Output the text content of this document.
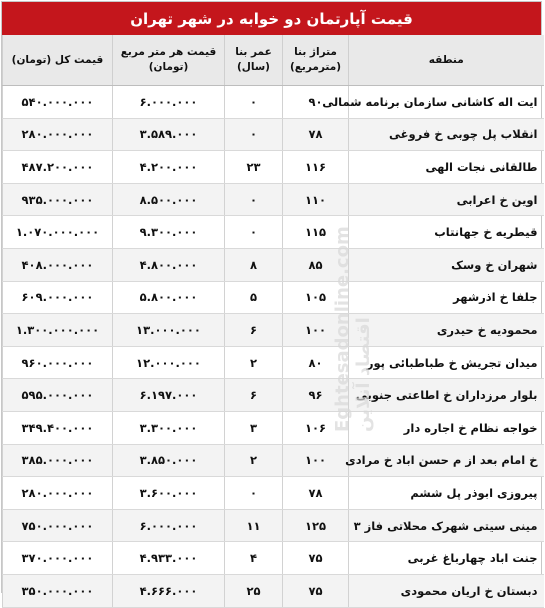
قیمت آپارتمان دو خوابه در شهر تهران
منطقه	متراژ بنا (مترمربع)	عمر بنا (سال)	قیمت هر متر مربع (تومان)	قیمت کل (تومان)
ایت اله کاشانی سازمان برنامه شمالی	۹۰	۰	۶.۰۰۰.۰۰۰	۵۴۰.۰۰۰.۰۰۰
انقلاب پل چوبی خ فروغی	۷۸	۰	۳.۵۸۹.۰۰۰	۲۸۰.۰۰۰.۰۰۰
طالقانی نجات الهی	۱۱۶	۲۳	۴.۲۰۰.۰۰۰	۴۸۷.۲۰۰.۰۰۰
اوین خ اعرابی	۱۱۰	۰	۸.۵۰۰.۰۰۰	۹۳۵.۰۰۰.۰۰۰
قیطریه خ جهانتاب	۱۱۵	۰	۹.۳۰۰.۰۰۰	۱.۰۷۰.۰۰۰.۰۰۰
شهران خ وسک	۸۵	۸	۴.۸۰۰.۰۰۰	۴۰۸.۰۰۰.۰۰۰
جلفا خ اذرشهر	۱۰۵	۵	۵.۸۰۰.۰۰۰	۶۰۹.۰۰۰.۰۰۰
محمودیه خ حیدری	۱۰۰	۶	۱۳.۰۰۰.۰۰۰	۱.۳۰۰.۰۰۰.۰۰۰
میدان تجریش خ طباطبائی پور	۸۰	۲	۱۲.۰۰۰.۰۰۰	۹۶۰.۰۰۰.۰۰۰
بلوار مرزداران خ اطاعتی جنوبی	۹۶	۶	۶.۱۹۷.۰۰۰	۵۹۵.۰۰۰.۰۰۰
خواجه نظام خ اجاره دار	۱۰۶	۳	۳.۳۰۰.۰۰۰	۳۴۹.۴۰۰.۰۰۰
خ امام بعد از م حسن اباد خ مرادی	۱۰۰	۲	۳.۸۵۰.۰۰۰	۳۸۵.۰۰۰.۰۰۰
پیروزی ابوذر پل ششم	۷۸	۰	۳.۶۰۰.۰۰۰	۲۸۰.۰۰۰.۰۰۰
مینی سیتی شهرک محلاتی فاز ۳	۱۲۵	۱۱	۶.۰۰۰.۰۰۰	۷۵۰.۰۰۰.۰۰۰
جنت اباد چهارباغ غربی	۷۵	۴	۴.۹۳۳.۰۰۰	۳۷۰.۰۰۰.۰۰۰
دبستان خ اریان محمودی	۷۵	۲۵	۴.۶۶۶.۰۰۰	۳۵۰.۰۰۰.۰۰۰
Eghtesadonline.com اقتصاد آنلاین
